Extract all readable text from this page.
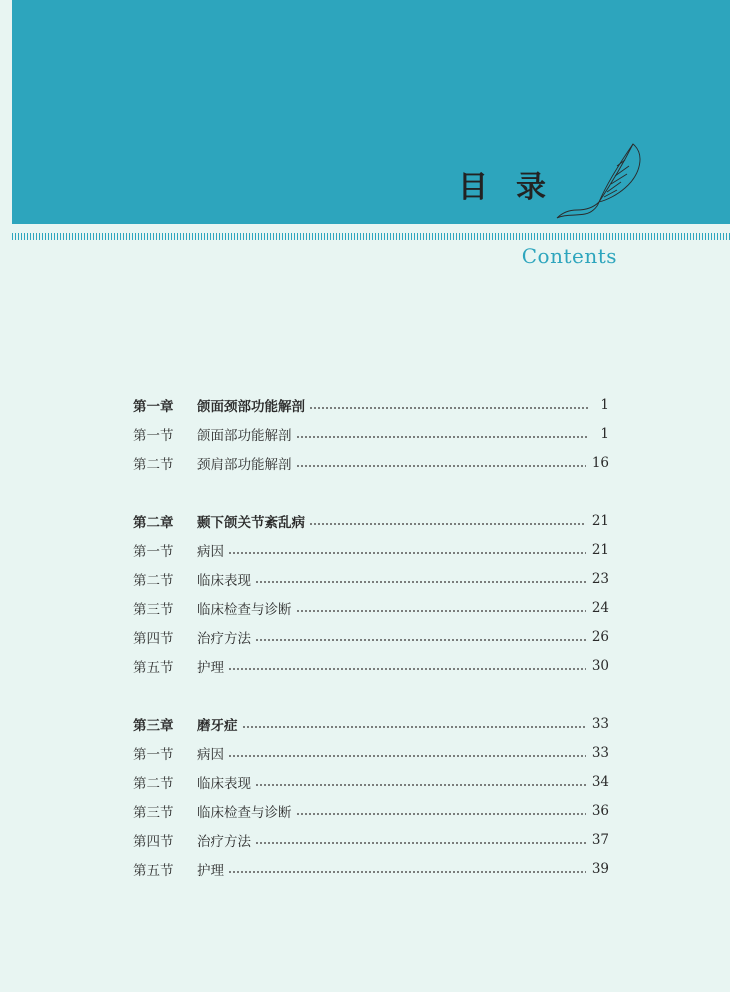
目录
Contents
第一章	颌面颈部功能解剖	1
第一节	颌面部功能解剖	1
第二节	颈肩部功能解剖	16
第二章	颞下颌关节紊乱病	21
第一节	病因	21
第二节	临床表现	23
第三节	临床检查与诊断	24
第四节	治疗方法	26
第五节	护理	30
第三章	磨牙症	33
第一节	病因	33
第二节	临床表现	34
第三节	临床检查与诊断	36
第四节	治疗方法	37
第五节	护理	39
